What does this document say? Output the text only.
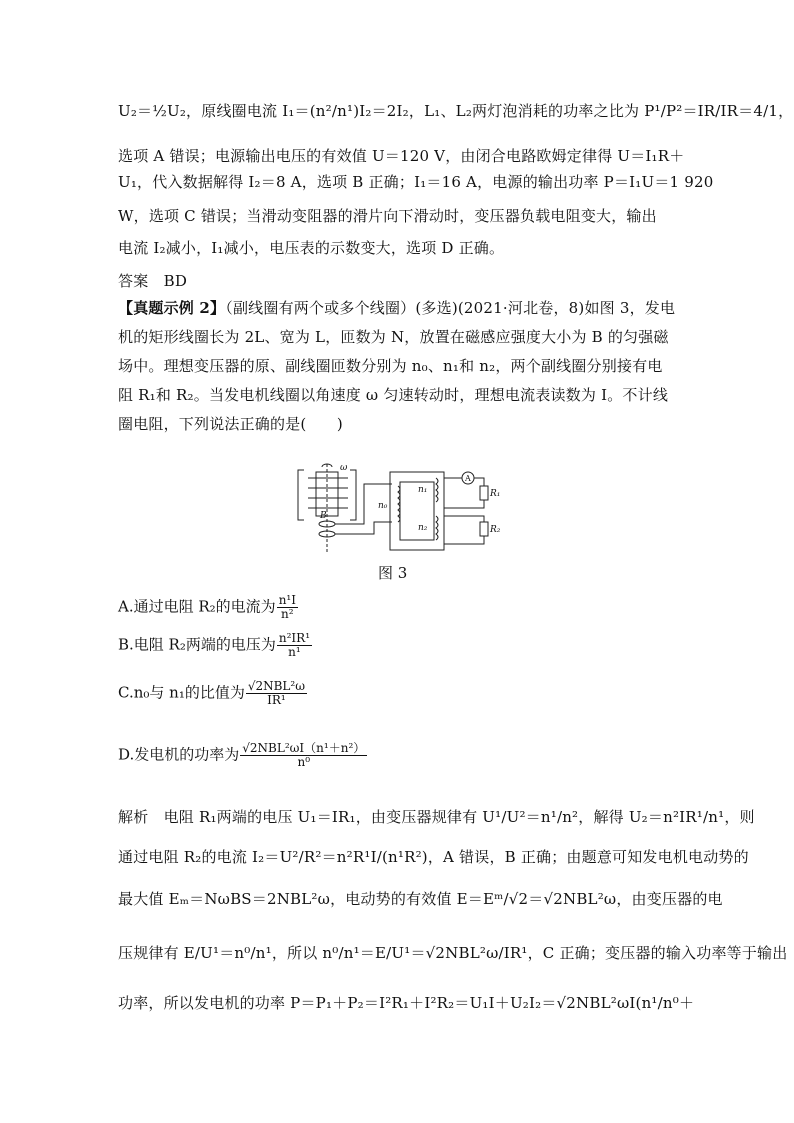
U₂＝½U₂，原线圈电流 I₁＝(n²/n¹)I₂＝2I₂，L₁、L₂两灯泡消耗的功率之比为 P¹/P²＝IR/IR＝4/1，
选项 A 错误；电源输出电压的有效值 U＝120 V，由闭合电路欧姆定律得 U＝I₁R＋
U₁，代入数据解得 I₂＝8 A，选项 B 正确；I₁＝16 A，电源的输出功率 P＝I₁U＝1 920
W，选项 C 错误；当滑动变阻器的滑片向下滑动时，变压器负载电阻变大，输出
电流 I₂减小，I₁减小，电压表的示数变大，选项 D 正确。
答案　BD
【真题示例 2】（副线圈有两个或多个线圈）(多选)(2021·河北卷，8)如图 3，发电
机的矩形线圈长为 2L、宽为 L，匝数为 N，放置在磁感应强度大小为 B 的匀强磁
场中。理想变压器的原、副线圈匝数分别为 n₀、n₁和 n₂，两个副线圈分别接有电
阻 R₁和 R₂。当发电机线圈以角速度 ω 匀速转动时，理想电流表读数为 I。不计线
圈电阻，下列说法正确的是(　　)
ω
B
n₀
n₁
n₂
A
R₁
R₂
图 3
A.通过电阻 R₂的电流为 $\frac{\text{n¹I}}{\text{n²}}$
B.电阻 R₂两端的电压为 $\frac{\text{n²IR¹}}{\text{n¹}}$
C.n₀与 n₁的比值为 $\frac{\text{√2NBL²ω}}{\text{IR¹}}$
D.发电机的功率为 $\frac{\text{√2NBL²ωI（n¹＋n²）}}{\text{n⁰}}$
解析　电阻 R₁两端的电压 U₁＝IR₁，由变压器规律有 U¹/U²＝n¹/n²，解得 U₂＝n²IR¹/n¹，则
通过电阻 R₂的电流 I₂＝U²/R²＝n²R¹I/(n¹R²)，A 错误，B 正确；由题意可知发电机电动势的
最大值 Eₘ＝NωBS＝2NBL²ω，电动势的有效值 E＝Eᵐ/√2＝√2NBL²ω，由变压器的电
压规律有 E/U¹＝n⁰/n¹，所以 n⁰/n¹＝E/U¹＝√2NBL²ω/IR¹，C 正确；变压器的输入功率等于输出
功率，所以发电机的功率 P＝P₁＋P₂＝I²R₁＋I²R₂＝U₁I＋U₂I₂＝√2NBL²ωI(n¹/n⁰＋
